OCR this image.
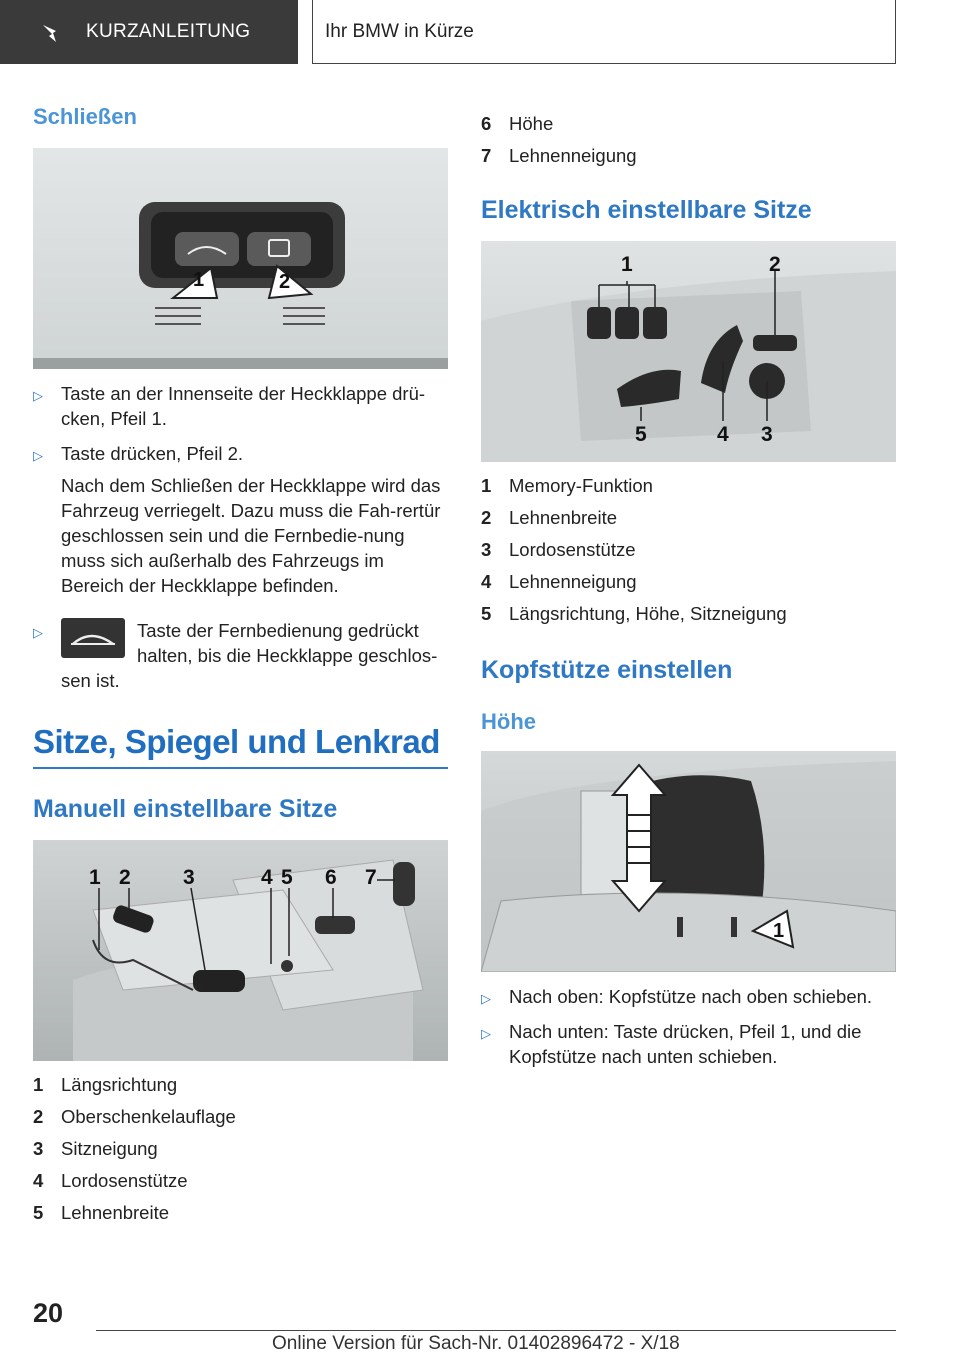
KURZANLEITUNG	Ihr BMW in Kürze
Schließen
1	2
▷ Taste an der Innenseite der Heckklappe drü-cken, Pfeil 1.
▷ Taste drücken, Pfeil 2.
Nach dem Schließen der Heckklappe wird das Fahrzeug verriegelt. Dazu muss die Fah-rertür geschlossen sein und die Fernbedie-nung muss sich außerhalb des Fahrzeugs im Bereich der Heckklappe befinden.
▷	Taste der Fernbedienung gedrückt halten, bis die Heckklappe geschlos-sen ist.
Sitze, Spiegel und Lenkrad
Manuell einstellbare Sitze
1 2 3	4 5 6 7
1 Längsrichtung
2 Oberschenkelauflage
3 Sitzneigung
4 Lordosenstütze
5 Lehnenbreite
6 Höhe
7 Lehnenneigung
Elektrisch einstellbare Sitze
1	2
5	4 3
1 Memory-Funktion
2 Lehnenbreite
3 Lordosenstütze
4 Lehnenneigung
5 Längsrichtung, Höhe, Sitzneigung
Kopfstütze einstellen
Höhe
1
▷ Nach oben: Kopfstütze nach oben schieben.
▷ Nach unten: Taste drücken, Pfeil 1, und die Kopfstütze nach unten schieben.
20
Online Version für Sach-Nr. 01402896472 - X/18
